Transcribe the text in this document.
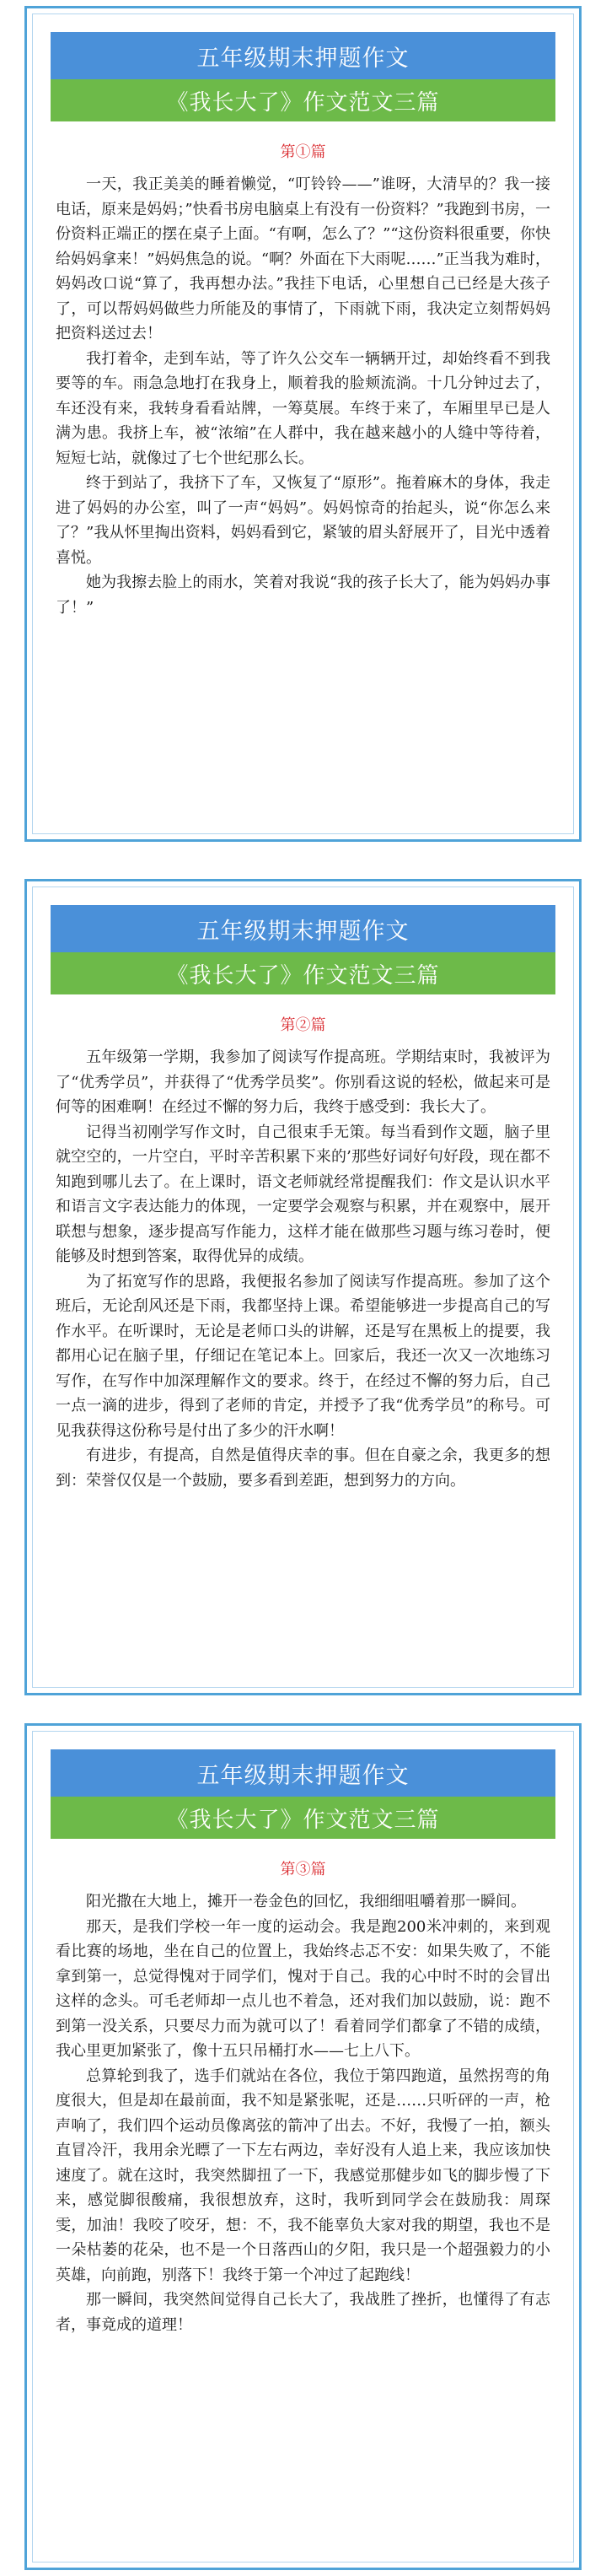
五年级期末押题作文
《我长大了》作文范文三篇
第①篇

一天，我正美美的睡着懒觉，“叮铃铃——”谁呀，大清早的？我一接电话，原来是妈妈；”快看书房电脑桌上有没有一份资料？”我跑到书房，一份资料正端正的摆在桌子上面。“有啊，怎么了？”“这份资料很重要，你快给妈妈拿来！”妈妈焦急的说。“啊？外面在下大雨呢……”正当我为难时，妈妈改口说“算了，我再想办法。”我挂下电话，心里想自己已经是大孩子了，可以帮妈妈做些力所能及的事情了，下雨就下雨，我决定立刻帮妈妈把资料送过去！

我打着伞，走到车站，等了许久公交车一辆辆开过，却始终看不到我要等的车。雨急急地打在我身上，顺着我的脸颊流淌。十几分钟过去了，车还没有来，我转身看看站牌，一筹莫展。车终于来了，车厢里早已是人满为患。我挤上车，被“浓缩”在人群中，我在越来越小的人缝中等待着，短短七站，就像过了七个世纪那么长。

终于到站了，我挤下了车，又恢复了“原形”。拖着麻木的身体，我走进了妈妈的办公室，叫了一声“妈妈”。妈妈惊奇的抬起头，说“你怎么来了？”我从怀里掏出资料，妈妈看到它，紧皱的眉头舒展开了，目光中透着喜悦。

她为我擦去脸上的雨水，笑着对我说“我的孩子长大了，能为妈妈办事了！”

五年级期末押题作文
《我长大了》作文范文三篇
第②篇

五年级第一学期，我参加了阅读写作提高班。学期结束时，我被评为了“优秀学员”，并获得了“优秀学员奖”。你别看这说的轻松，做起来可是何等的困难啊！在经过不懈的努力后，我终于感受到：我长大了。

记得当初刚学写作文时，自己很束手无策。每当看到作文题，脑子里就空空的，一片空白，平时辛苦积累下来的’那些好词好句好段，现在都不知跑到哪儿去了。在上课时，语文老师就经常提醒我们：作文是认识水平和语言文字表达能力的体现，一定要学会观察与积累，并在观察中，展开联想与想象，逐步提高写作能力，这样才能在做那些习题与练习卷时，便能够及时想到答案，取得优异的成绩。

为了拓宽写作的思路，我便报名参加了阅读写作提高班。参加了这个班后，无论刮风还是下雨，我都坚持上课。希望能够进一步提高自己的写作水平。在听课时，无论是老师口头的讲解，还是写在黑板上的提要，我都用心记在脑子里，仔细记在笔记本上。回家后，我还一次又一次地练习写作，在写作中加深理解作文的要求。终于，在经过不懈的努力后，自己一点一滴的进步，得到了老师的肯定，并授予了我“优秀学员”的称号。可见我获得这份称号是付出了多少的汗水啊！

有进步，有提高，自然是值得庆幸的事。但在自豪之余，我更多的想到：荣誉仅仅是一个鼓励，要多看到差距，想到努力的方向。

五年级期末押题作文
《我长大了》作文范文三篇
第③篇

阳光撒在大地上，摊开一卷金色的回忆，我细细咀嚼着那一瞬间。

那天，是我们学校一年一度的运动会。我是跑200米冲刺的，来到观看比赛的场地，坐在自己的位置上，我始终忐忑不安：如果失败了，不能拿到第一，总觉得愧对于同学们，愧对于自己。我的心中时不时的会冒出这样的念头。可毛老师却一点儿也不着急，还对我们加以鼓励，说：跑不到第一没关系，只要尽力而为就可以了！看着同学们都拿了不错的成绩，我心里更加紧张了，像十五只吊桶打水——七上八下。

总算轮到我了，选手们就站在各位，我位于第四跑道，虽然拐弯的角度很大，但是却在最前面，我不知是紧张呢，还是……只听砰的一声，枪声响了，我们四个运动员像离弦的箭冲了出去。不好，我慢了一拍，额头直冒冷汗，我用余光瞟了一下左右两边，幸好没有人追上来，我应该加快速度了。就在这时，我突然脚扭了一下，我感觉那健步如飞的脚步慢了下来，感觉脚很酸痛，我很想放弃，这时，我听到同学会在鼓励我：周琛雯，加油！我咬了咬牙，想：不，我不能辜负大家对我的期望，我也不是一朵枯萎的花朵，也不是一个日落西山的夕阳，我只是一个超强毅力的小英雄，向前跑，别落下！我终于第一个冲过了起跑线！

那一瞬间，我突然间觉得自己长大了，我战胜了挫折，也懂得了有志者，事竟成的道理！
